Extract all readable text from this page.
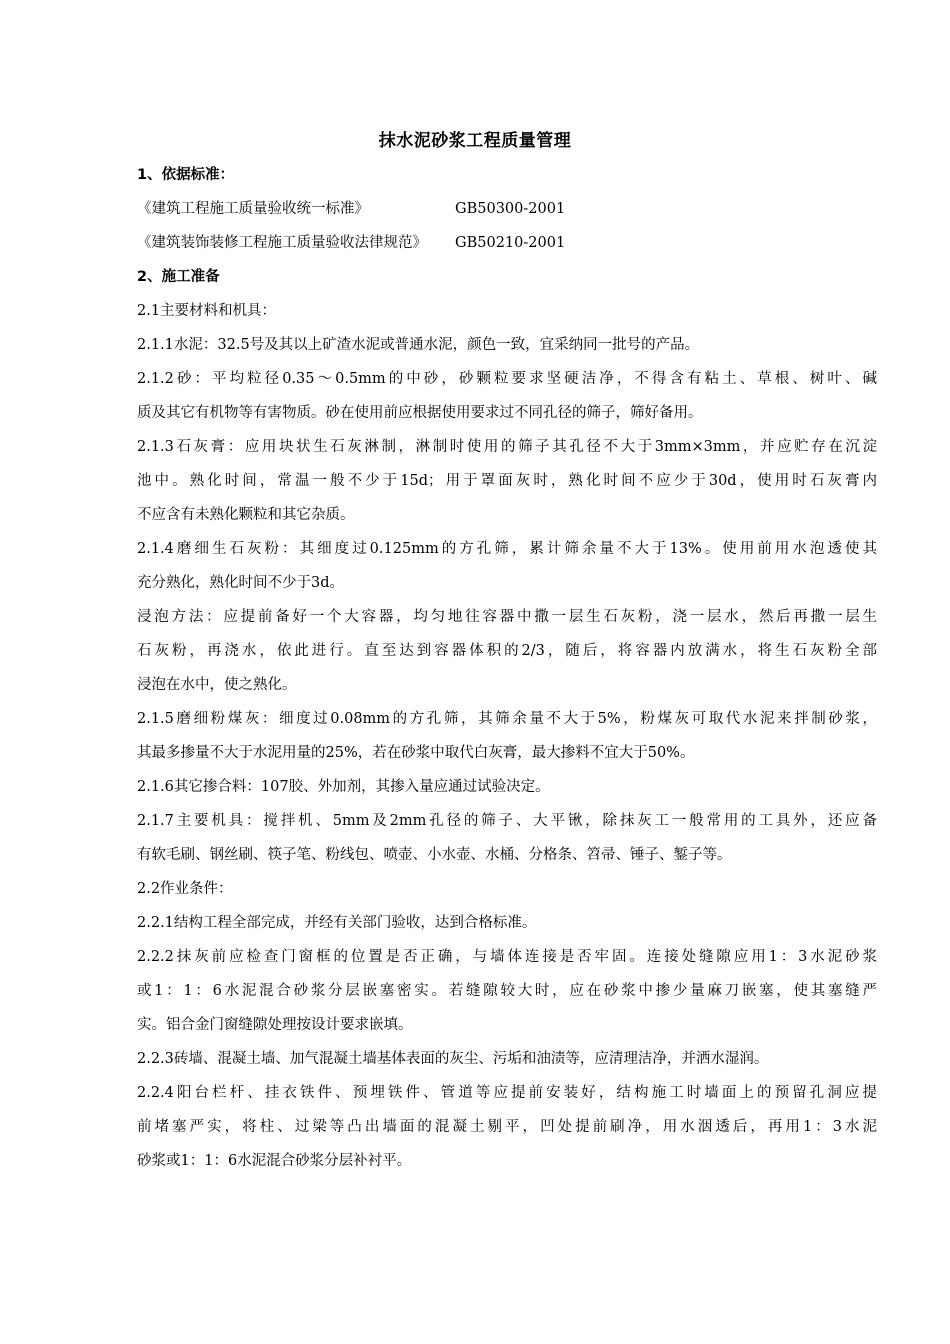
抹水泥砂浆工程质量管理
1、依据标准：
《建筑工程施工质量验收统一标准》	GB50300-2001
《建筑装饰装修工程施工质量验收法律规范》 GB50210-2001
2、施工准备
2.1主要材料和机具：
2.1.1水泥：32.5号及其以上矿渣水泥或普通水泥，颜色一致，宜采纳同一批号的产品。
2.1.2砂：平均粒径0.35～0.5mm的中砂，砂颗粒要求坚硬洁净，不得含有粘土、草根、树叶、碱
质及其它有机物等有害物质。砂在使用前应根据使用要求过不同孔径的筛子，筛好备用。
2.1.3石灰膏：应用块状生石灰淋制，淋制时使用的筛子其孔径不大于3mm×3mm，并应贮存在沉淀
池中。熟化时间，常温一般不少于15d；用于罩面灰时，熟化时间不应少于30d，使用时石灰膏内
不应含有未熟化颗粒和其它杂质。
2.1.4磨细生石灰粉：其细度过0.125mm的方孔筛，累计筛余量不大于13%。使用前用水泡透使其
充分熟化，熟化时间不少于3d。
浸泡方法：应提前备好一个大容器，均匀地往容器中撒一层生石灰粉，浇一层水，然后再撒一层生
石灰粉，再浇水，依此进行。直至达到容器体积的2/3，随后，将容器内放满水，将生石灰粉全部
浸泡在水中，使之熟化。
2.1.5磨细粉煤灰：细度过0.08mm的方孔筛，其筛余量不大于5%，粉煤灰可取代水泥来拌制砂浆，
其最多掺量不大于水泥用量的25%，若在砂浆中取代白灰膏，最大掺料不宜大于50%。
2.1.6其它掺合料：107胶、外加剂，其掺入量应通过试验决定。
2.1.7主要机具：搅拌机、5mm及2mm孔径的筛子、大平锹，除抹灰工一般常用的工具外，还应备
有软毛刷、钢丝刷、筷子笔、粉线包、喷壶、小水壶、水桶、分格条、笤帚、锤子、錾子等。
2.2作业条件：
2.2.1结构工程全部完成，并经有关部门验收，达到合格标准。
2.2.2抹灰前应检查门窗框的位置是否正确，与墙体连接是否牢固。连接处缝隙应用1：3水泥砂浆
或1：1：6水泥混合砂浆分层嵌塞密实。若缝隙较大时，应在砂浆中掺少量麻刀嵌塞，使其塞缝严
实。铝合金门窗缝隙处理按设计要求嵌填。
2.2.3砖墙、混凝土墙、加气混凝土墙基体表面的灰尘、污垢和油渍等，应清理洁净，并洒水湿润。
2.2.4阳台栏杆、挂衣铁件、预埋铁件、管道等应提前安装好，结构施工时墙面上的预留孔洞应提
前堵塞严实，将柱、过梁等凸出墙面的混凝土剔平，凹处提前刷净，用水洇透后，再用1：3水泥
砂浆或1：1：6水泥混合砂浆分层补衬平。
